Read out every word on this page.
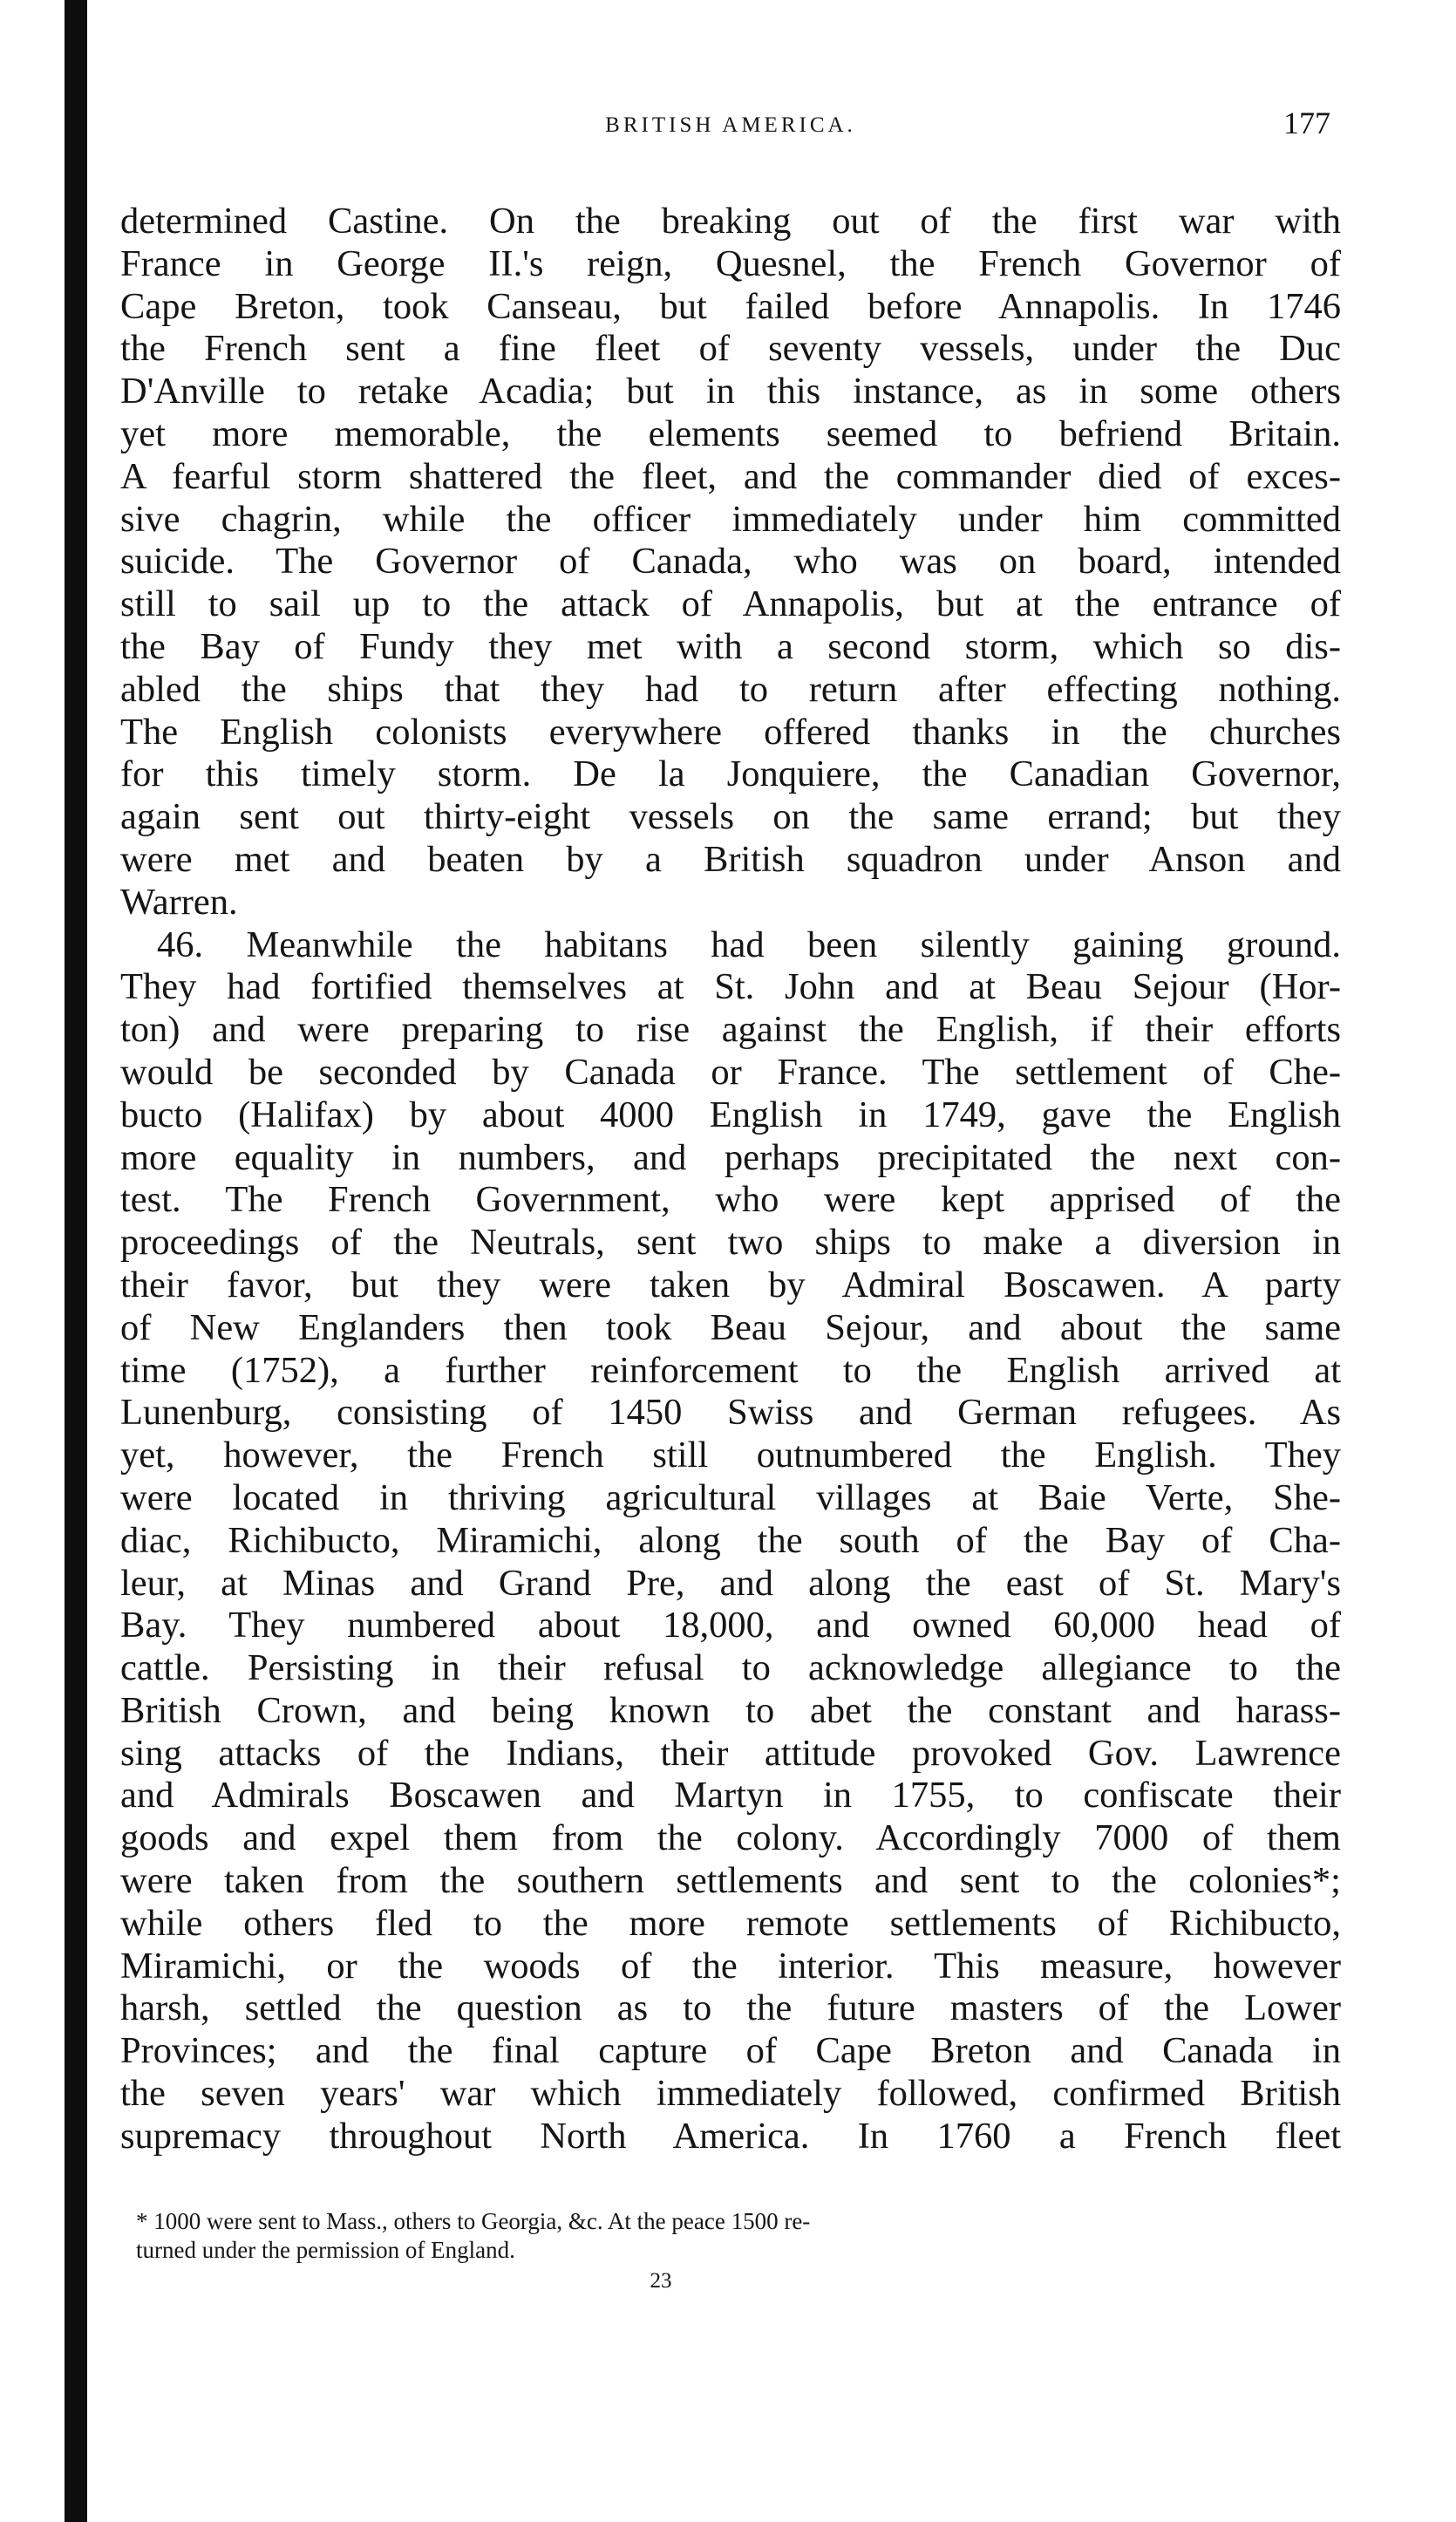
BRITISH AMERICA.	177

determined Castine. On the breaking out of the first war with

France in George II.'s reign, Quesnel, the French Governor of

Cape Breton, took Canseau, but failed before Annapolis. In 1746

the French sent a fine fleet of seventy vessels, under the Duc

D'Anville to retake Acadia; but in this instance, as in some others

yet more memorable, the elements seemed to befriend Britain.

A fearful storm shattered the fleet, and the commander died of exces-

sive chagrin, while the officer immediately under him committed

suicide. The Governor of Canada, who was on board, intended

still to sail up to the attack of Annapolis, but at the entrance of

the Bay of Fundy they met with a second storm, which so dis-

abled the ships that they had to return after effecting nothing.

The English colonists everywhere offered thanks in the churches

for this timely storm. De la Jonquiere, the Canadian Governor,

again sent out thirty-eight vessels on the same errand; but they

were met and beaten by a British squadron under Anson and

Warren.

46. Meanwhile the habitans had been silently gaining ground.

They had fortified themselves at St. John and at Beau Sejour (Hor-

ton) and were preparing to rise against the English, if their efforts

would be seconded by Canada or France. The settlement of Che-

bucto (Halifax) by about 4000 English in 1749, gave the English

more equality in numbers, and perhaps precipitated the next con-

test. The French Government, who were kept apprised of the

proceedings of the Neutrals, sent two ships to make a diversion in

their favor, but they were taken by Admiral Boscawen. A party

of New Englanders then took Beau Sejour, and about the same

time (1752), a further reinforcement to the English arrived at

Lunenburg, consisting of 1450 Swiss and German refugees. As

yet, however, the French still outnumbered the English. They

were located in thriving agricultural villages at Baie Verte, She-

diac, Richibucto, Miramichi, along the south of the Bay of Cha-

leur, at Minas and Grand Pre, and along the east of St. Mary's

Bay. They numbered about 18,000, and owned 60,000 head of

cattle. Persisting in their refusal to acknowledge allegiance to the

British Crown, and being known to abet the constant and harass-

sing attacks of the Indians, their attitude provoked Gov. Lawrence

and Admirals Boscawen and Martyn in 1755, to confiscate their

goods and expel them from the colony. Accordingly 7000 of them

were taken from the southern settlements and sent to the colonies*;

while others fled to the more remote settlements of Richibucto,

Miramichi, or the woods of the interior. This measure, however

harsh, settled the question as to the future masters of the Lower

Provinces; and the final capture of Cape Breton and Canada in

the seven years' war which immediately followed, confirmed British

supremacy throughout North America. In 1760 a French fleet

* 1000 were sent to Mass., others to Georgia, &c. At the peace 1500 re-

turned under the permission of England.

23
